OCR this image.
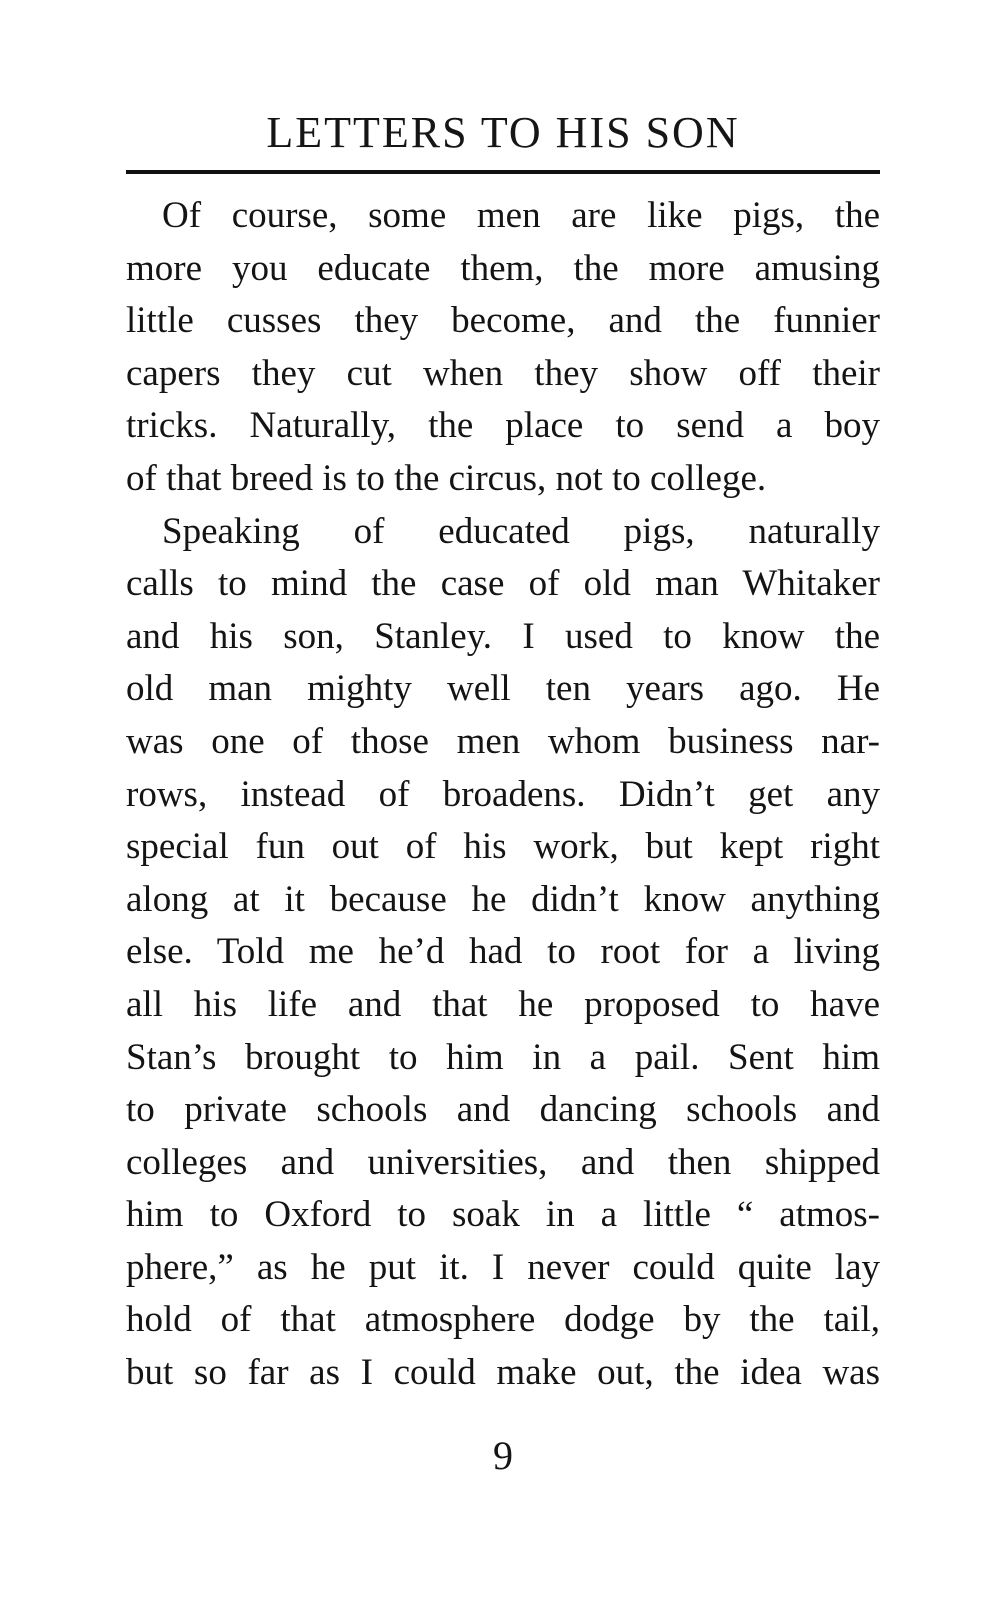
LETTERS TO HIS SON
Of course, some men are like pigs, the
more you educate them, the more amusing
little cusses they become, and the funnier
capers they cut when they show off their
tricks. Naturally, the place to send a boy
of that breed is to the circus, not to college.
Speaking of educated pigs, naturally
calls to mind the case of old man Whitaker
and his son, Stanley. I used to know the
old man mighty well ten years ago. He
was one of those men whom business nar-
rows, instead of broadens. Didn’t get any
special fun out of his work, but kept right
along at it because he didn’t know anything
else. Told me he’d had to root for a living
all his life and that he proposed to have
Stan’s brought to him in a pail. Sent him
to private schools and dancing schools and
colleges and universities, and then shipped
him to Oxford to soak in a little “ atmos-
phere,” as he put it. I never could quite lay
hold of that atmosphere dodge by the tail,
but so far as I could make out, the idea was
9
